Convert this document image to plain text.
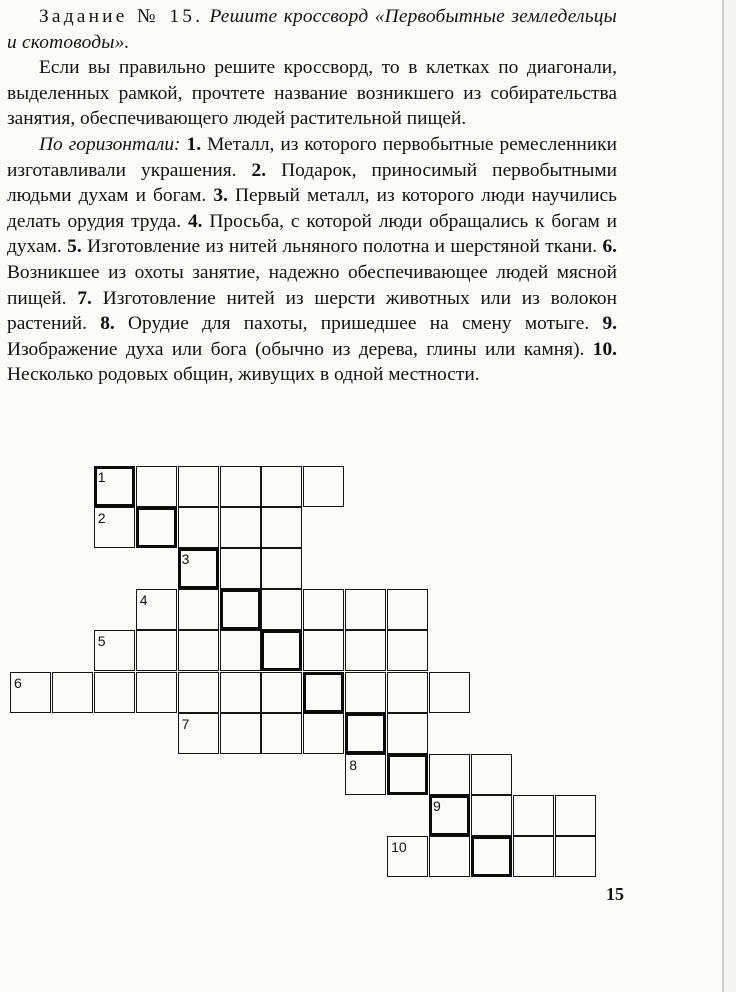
Задание № 15. Решите кроссворд «Первобытные земледельцы и скотоводы».

Если вы правильно решите кроссворд, то в клетках по диагонали, выделенных рамкой, прочтете название возникшего из собирательства занятия, обеспечивающего людей растительной пищей.

По горизонтали: 1. Металл, из которого первобытные ремесленники изготавливали украшения. 2. Подарок, приносимый первобытными людьми духам и богам. 3. Первый металл, из которого люди научились делать орудия труда. 4. Просьба, с которой люди обращались к богам и духам. 5. Изготовление из нитей льняного полотна и шерстяной ткани. 6. Возникшее из охоты занятие, надежно обеспечивающее людей мясной пищей. 7. Изготовление нитей из шерсти животных или из волокон растений. 8. Орудие для пахоты, пришедшее на смену мотыге. 9. Изображение духа или бога (обычно из дерева, глины или камня). 10. Несколько родовых общин, живущих в одной местности.

1
2
3
4
5
6
7
8
9
10
15
